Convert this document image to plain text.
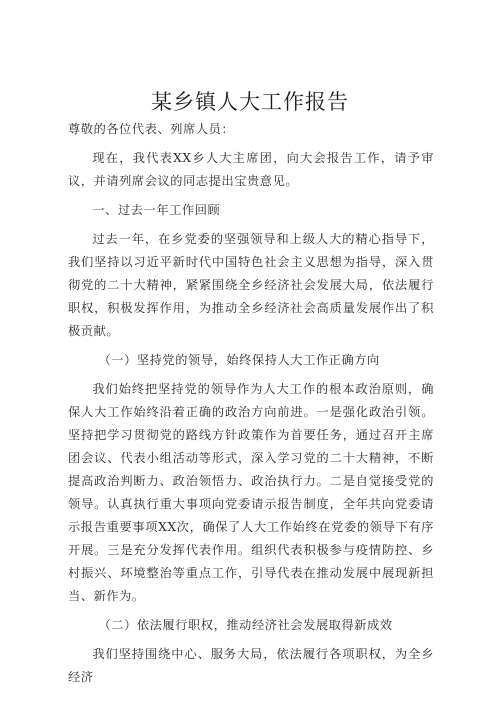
某乡镇人大工作报告

尊敬的各位代表、列席人员：

现在，我代表XX乡人大主席团，向大会报告工作，请予审议，并请列席会议的同志提出宝贵意见。

一、过去一年工作回顾

过去一年，在乡党委的坚强领导和上级人大的精心指导下，我们坚持以习近平新时代中国特色社会主义思想为指导，深入贯彻党的二十大精神，紧紧围绕全乡经济社会发展大局，依法履行职权，积极发挥作用，为推动全乡经济社会高质量发展作出了积极贡献。

（一）坚持党的领导，始终保持人大工作正确方向

我们始终把坚持党的领导作为人大工作的根本政治原则，确保人大工作始终沿着正确的政治方向前进。一是强化政治引领。坚持把学习贯彻党的路线方针政策作为首要任务，通过召开主席团会议、代表小组活动等形式，深入学习党的二十大精神，不断提高政治判断力、政治领悟力、政治执行力。二是自觉接受党的领导。认真执行重大事项向党委请示报告制度，全年共向党委请示报告重要事项XX次，确保了人大工作始终在党委的领导下有序开展。三是充分发挥代表作用。组织代表积极参与疫情防控、乡村振兴、环境整治等重点工作，引导代表在推动发展中展现新担当、新作为。

（二）依法履行职权，推动经济社会发展取得新成效

我们坚持围绕中心、服务大局，依法履行各项职权，为全乡经济
